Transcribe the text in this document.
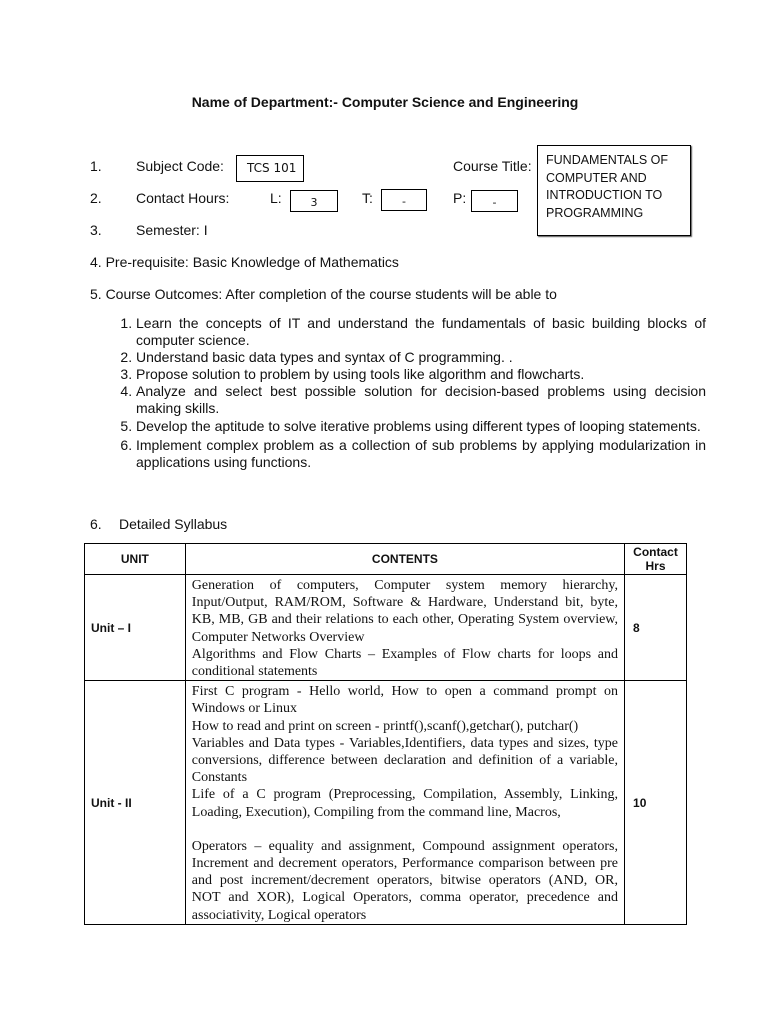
Name of Department:- Computer Science and Engineering
1. Subject Code:	TCS 101	Course Title:	FUNDAMENTALS OF COMPUTER AND INTRODUCTION TO PROGRAMMING
2. Contact Hours:	L:	3	T:	-	P:	-
3. Semester: I
4. Pre-requisite: Basic Knowledge of Mathematics
5. Course Outcomes: After completion of the course students will be able to
1. Learn the concepts of IT and understand the fundamentals of basic building blocks of computer science.
2. Understand basic data types and syntax of C programming. .
3. Propose solution to problem by using tools like algorithm and flowcharts.
4. Analyze and select best possible solution for decision-based problems using decision making skills.
5. Develop the aptitude to solve iterative problems using different types of looping statements.
6. Implement complex problem as a collection of sub problems by applying modularization in applications using functions.
6. Detailed Syllabus
UNIT	CONTENTS	Contact Hrs
Unit – I	Generation of computers, Computer system memory hierarchy, Input/Output, RAM/ROM, Software & Hardware, Understand bit, byte, KB, MB, GB and their relations to each other, Operating System overview, Computer Networks Overview

Algorithms and Flow Charts – Examples of Flow charts for loops and conditional statements	8
Unit - II	First C program - Hello world, How to open a command prompt on Windows or Linux

How to read and print on screen - printf(),scanf(),getchar(), putchar()

Variables and Data types - Variables,Identifiers, data types and sizes, type conversions, difference between declaration and definition of a variable, Constants

Life of a C program (Preprocessing, Compilation, Assembly, Linking, Loading, Execution), Compiling from the command line, Macros,

Operators – equality and assignment, Compound assignment operators, Increment and decrement operators, Performance comparison between pre and post increment/decrement operators, bitwise operators (AND, OR, NOT and XOR), Logical Operators, comma operator, precedence and associativity, Logical operators	10
